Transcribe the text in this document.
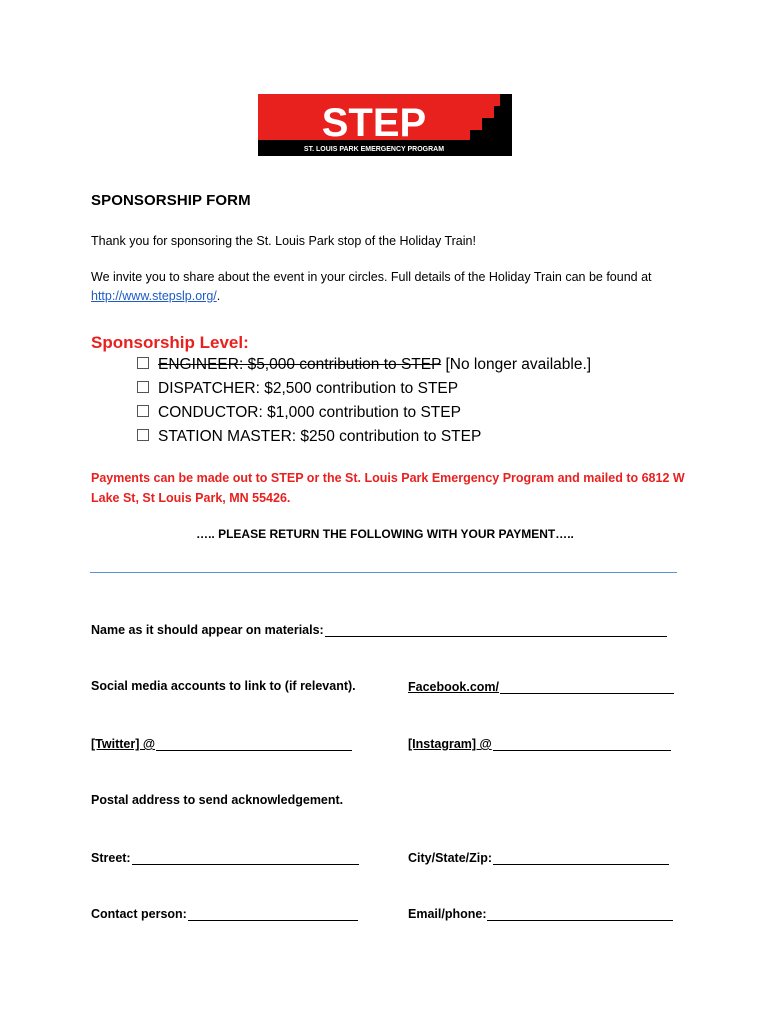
STEP
ST. LOUIS PARK EMERGENCY PROGRAM
SPONSORSHIP FORM
Thank you for sponsoring the St. Louis Park stop of the Holiday Train!
We invite you to share about the event in your circles. Full details of the Holiday Train can be found at http://www.stepslp.org/.
Sponsorship Level:
ENGINEER: $5,000 contribution to STEP [No longer available.]
DISPATCHER: $2,500 contribution to STEP
CONDUCTOR: $1,000 contribution to STEP
STATION MASTER: $250 contribution to STEP
Payments can be made out to STEP or the St. Louis Park Emergency Program and mailed to 6812 W Lake St, St Louis Park, MN 55426.
….. PLEASE RETURN THE FOLLOWING WITH YOUR PAYMENT…..
Name as it should appear on materials:
Social media accounts to link to (if relevant).	Facebook.com/
[Twitter] @	[Instagram] @
Postal address to send acknowledgement.
Street:	City/State/Zip:
Contact person:	Email/phone:
